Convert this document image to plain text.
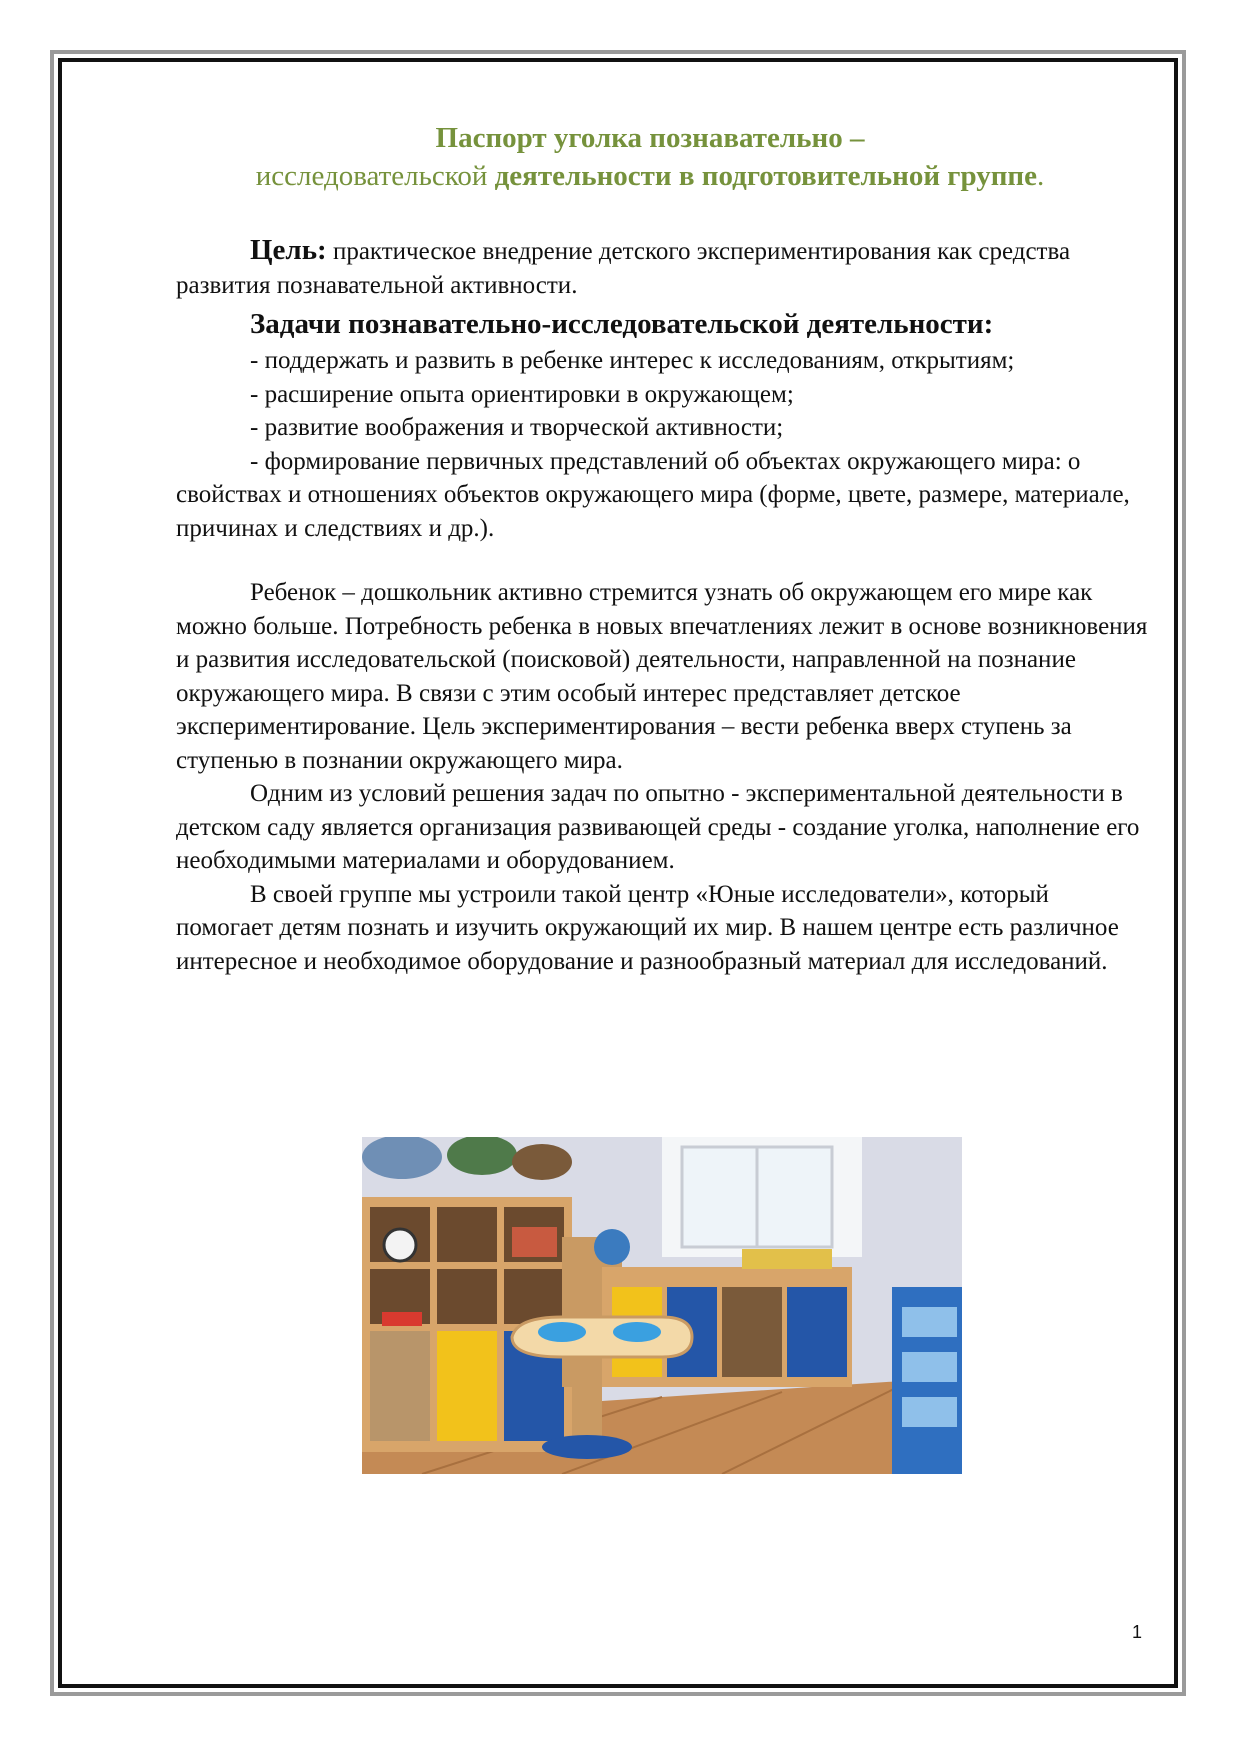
Паспорт уголка познавательно –
исследовательской деятельности в подготовительной группе.

Цель: практическое внедрение детского экспериментирования как средства развития познавательной активности.

Задачи познавательно-исследовательской деятельности:

- поддержать и развить в ребенке интерес к исследованиям, открытиям;

- расширение опыта ориентировки в окружающем;

- развитие воображения и творческой активности;

- формирование первичных представлений об объектах окружающего мира: о свойствах и отношениях объектов окружающего мира (форме, цвете, размере, материале, причинах и следствиях и др.).

Ребенок – дошкольник активно стремится узнать об окружающем его мире как можно больше. Потребность ребенка в новых впечатлениях лежит в основе возникновения и развития исследовательской (поисковой) деятельности, направленной на познание окружающего мира. В связи с этим особый интерес представляет детское экспериментирование. Цель экспериментирования – вести ребенка вверх ступень за ступенью в познании окружающего мира.

Одним из условий решения задач по опытно - экспериментальной деятельности в детском саду является организация развивающей среды - создание уголка, наполнение его необходимыми материалами и оборудованием.

В своей группе мы устроили такой центр «Юные исследователи», который помогает детям познать и изучить окружающий их мир. В нашем центре есть различное интересное и необходимое оборудование и разнообразный материал для исследований.

1
